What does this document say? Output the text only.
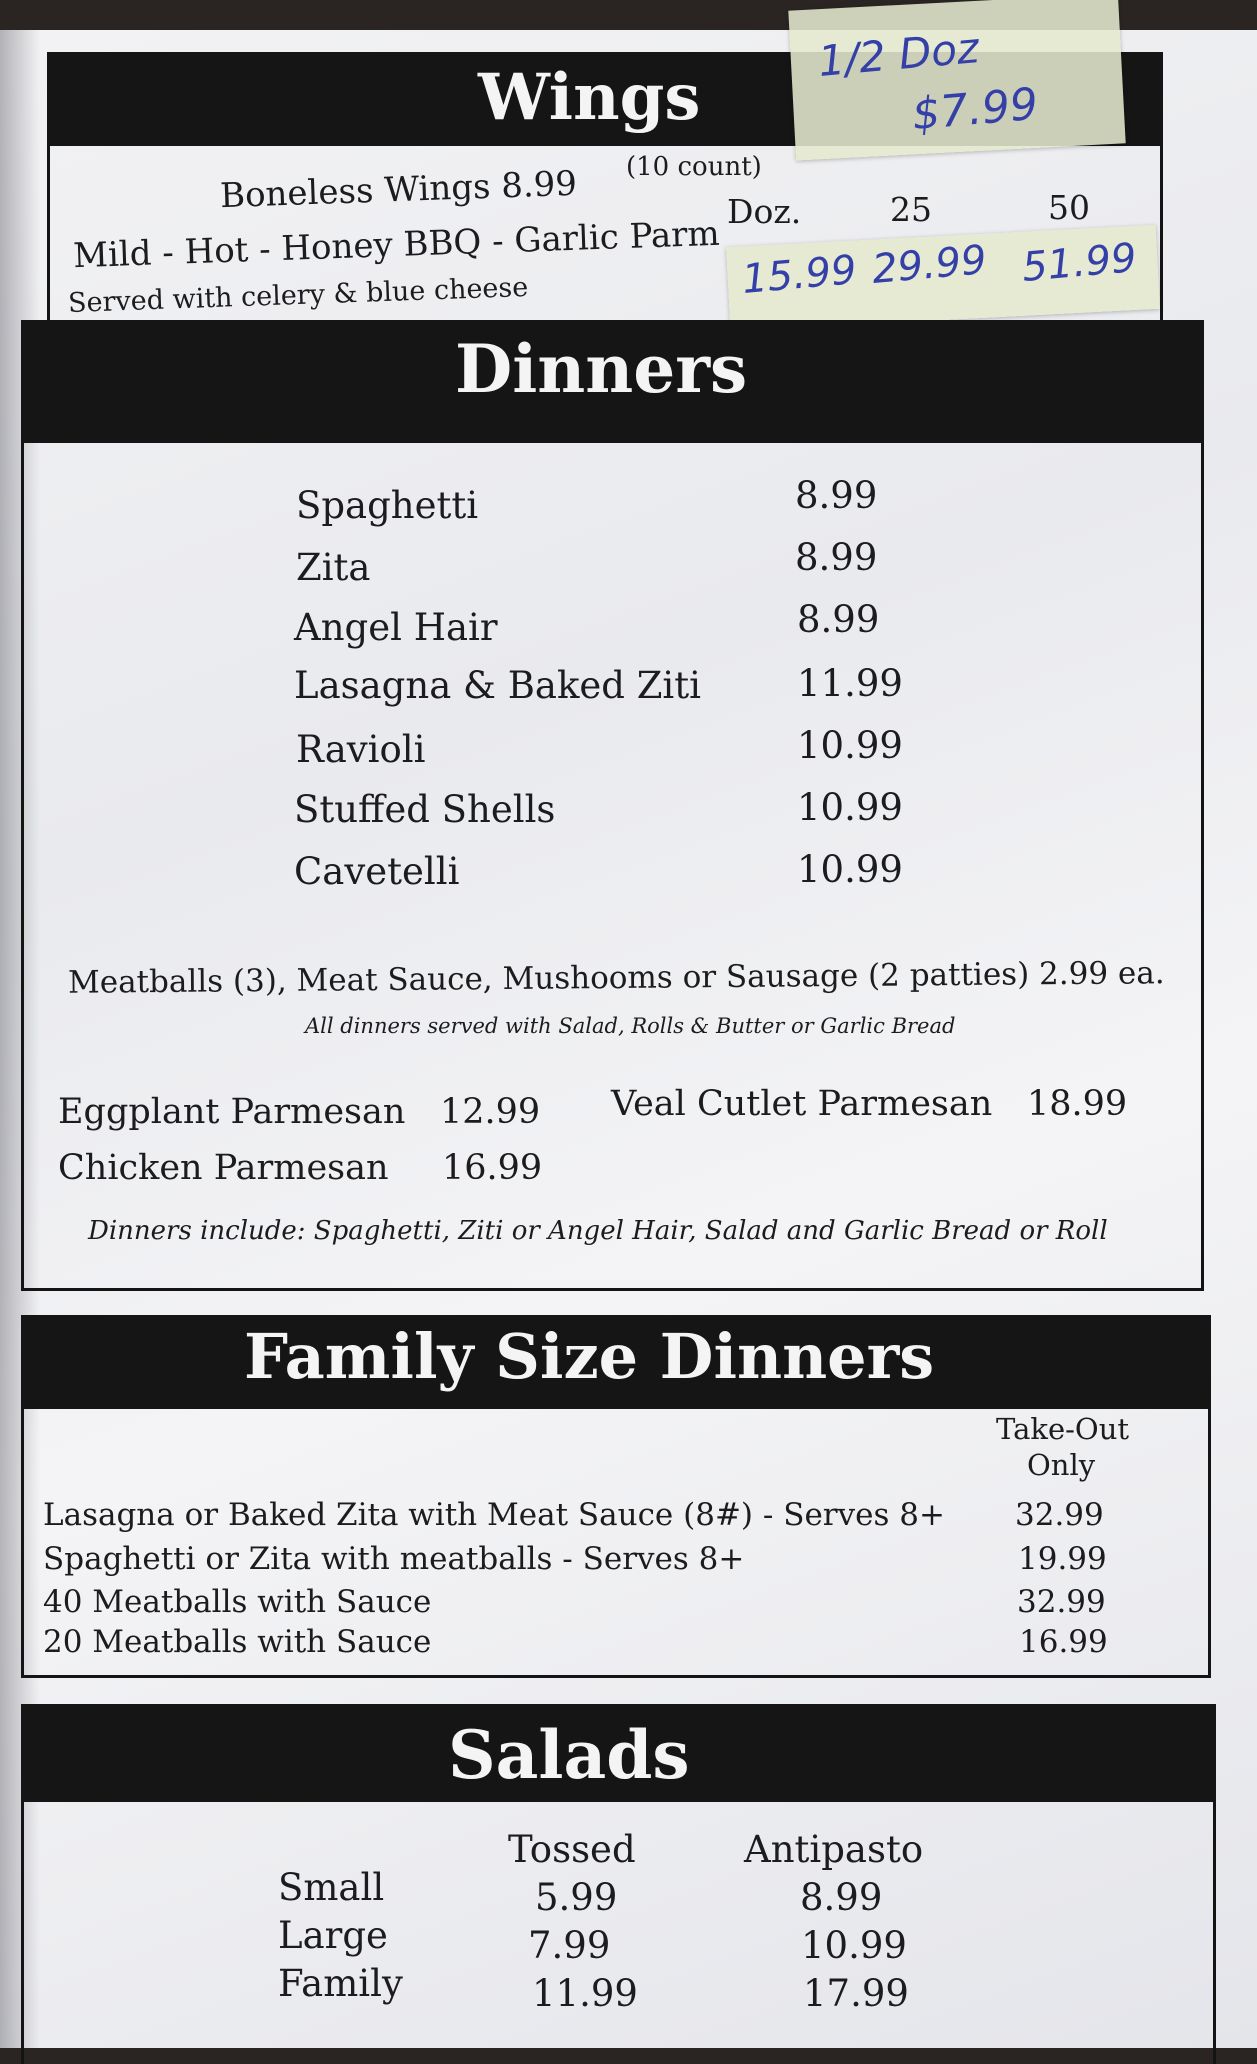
Wings
Boneless Wings 8.99 (10 count)
Mild - Hot - Honey BBQ - Garlic Parm
Served with celery & blue cheese
Doz.	25	50
1/2 Doz
$7.99
15.99 29.99 51.99
Dinners
Spaghetti	8.99
Zita	8.99
Angel Hair	8.99
Lasagna & Baked Ziti	11.99
Ravioli	10.99
Stuffed Shells	10.99
Cavetelli	10.99
Meatballs (3), Meat Sauce, Mushooms or Sausage (2 patties) 2.99 ea.
All dinners served with Salad, Rolls & Butter or Garlic Bread
Eggplant Parmesan 12.99
Chicken Parmesan 16.99
Veal Cutlet Parmesan 18.99
Dinners include: Spaghetti, Ziti or Angel Hair, Salad and Garlic Bread or Roll
Family Size Dinners
Take-Out
Only
Lasagna or Baked Zita with Meat Sauce (8#) - Serves 8+ 32.99
Spaghetti or Zita with meatballs - Serves 8+	19.99
40 Meatballs with Sauce	32.99
20 Meatballs with Sauce	16.99
Salads
Tossed	Antipasto
Small	5.99	8.99
Large	7.99	10.99
Family	11.99	17.99
